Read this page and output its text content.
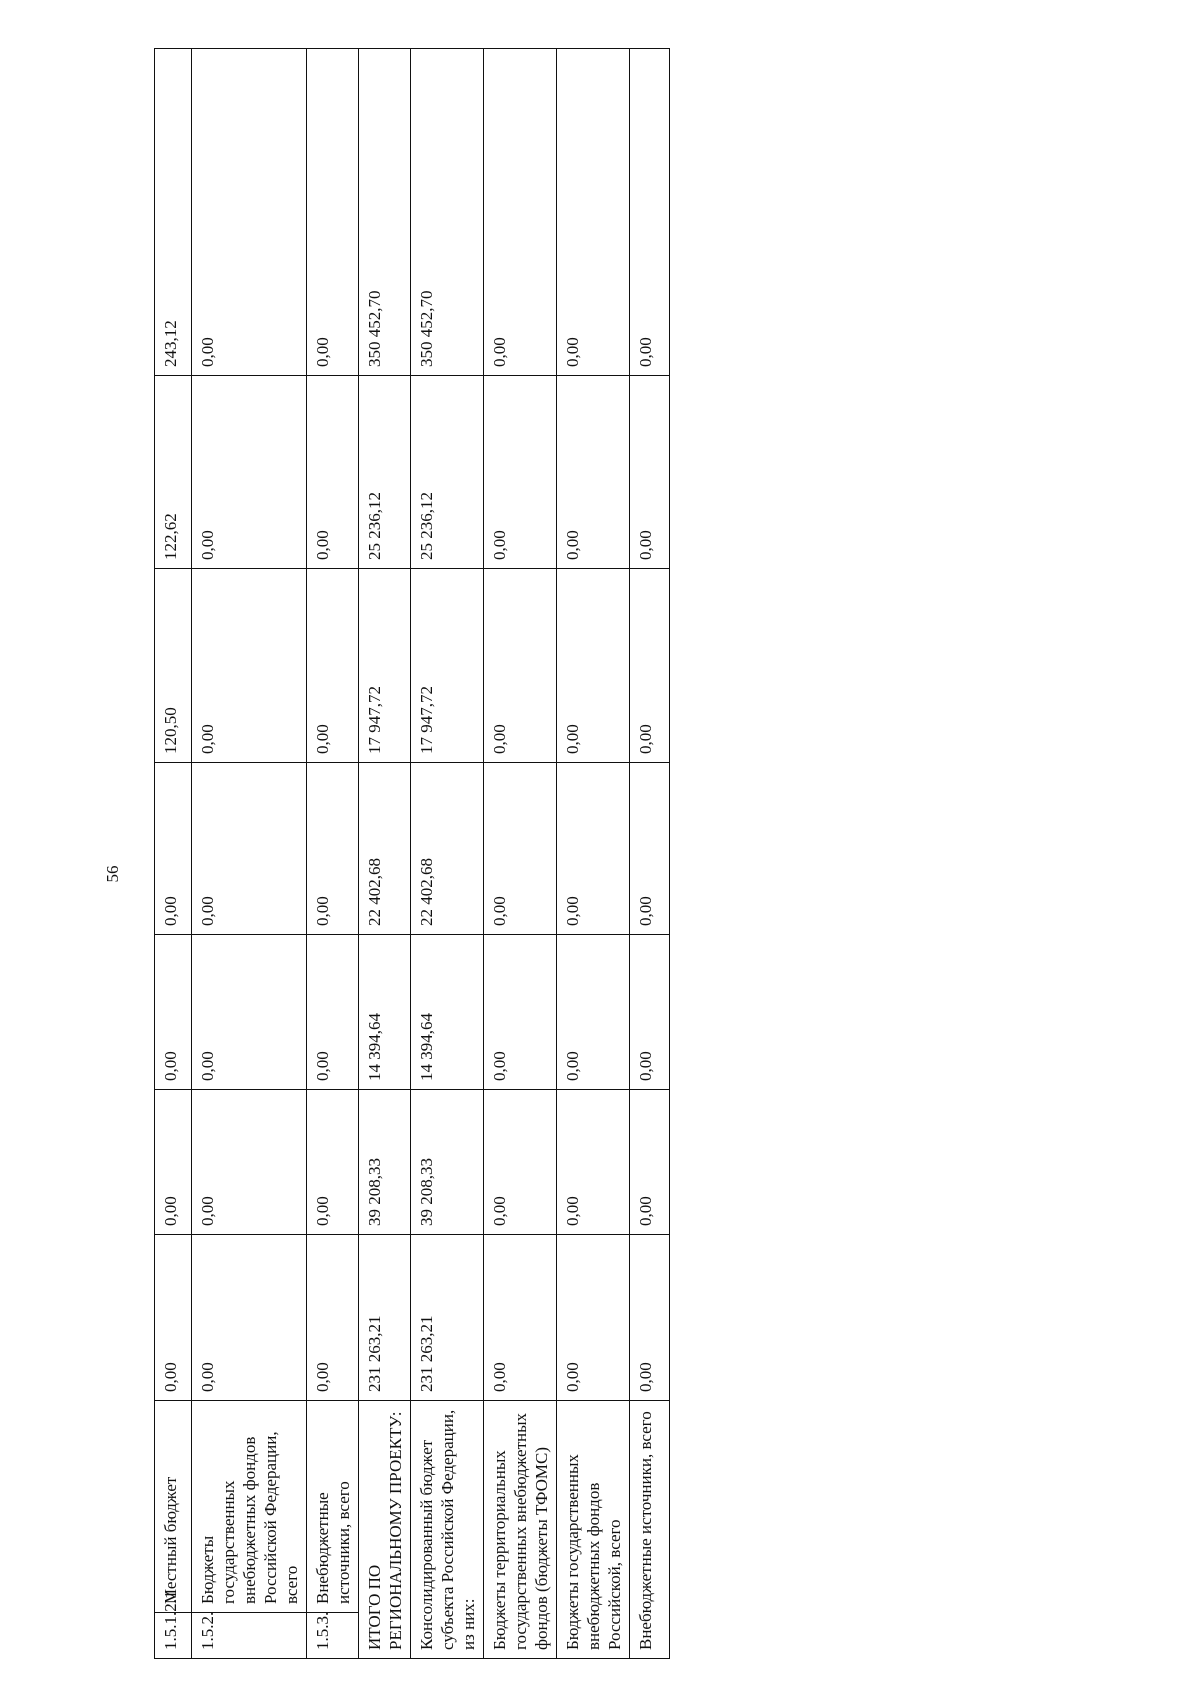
56
1.5.1.2.1	Местный бюджет	0,00	0,00	0,00	0,00	120,50	122,62	243,12
1.5.2.	Бюджеты государственных внебюджетных фондов Российской Федерации, всего	0,00	0,00	0,00	0,00	0,00	0,00	0,00
1.5.3.	Внебюджетные источники, всего	0,00	0,00	0,00	0,00	0,00	0,00	0,00
ИТОГО ПО РЕГИОНАЛЬНОМУ ПРОЕКТУ:		231 263,21	39 208,33	14 394,64	22 402,68	17 947,72	25 236,12	350 452,70
Консолидированный бюджет субъекта Российской Федерации, из них:		231 263,21	39 208,33	14 394,64	22 402,68	17 947,72	25 236,12	350 452,70
Бюджеты территориальных государственных внебюджетных фондов (бюджеты ТФОМС)		0,00	0,00	0,00	0,00	0,00	0,00	0,00
Бюджеты государственных внебюджетных фондов Российской, всего		0,00	0,00	0,00	0,00	0,00	0,00	0,00
Внебюджетные источники, всего		0,00	0,00	0,00	0,00	0,00	0,00	0,00
